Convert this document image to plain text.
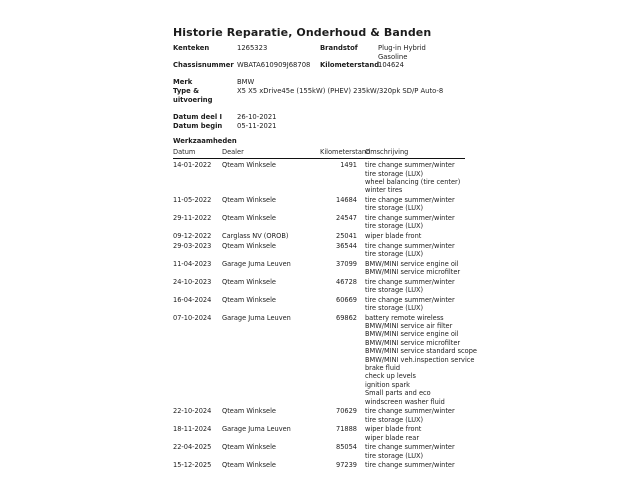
Historie Reparatie, Onderhoud & Banden
Kenteken	1265323	Brandstof	Plug-in Hybrid
Gasoline
Chassisnummer WBATA610909J68708	Kilometerstand
104624
Merk	BMW
Type & uitvoering
X5 X5 xDrive45e (155kW) (PHEV) 235kW/320pk SD/P Auto-8
Datum deel I	26-10-2021
Datum begin	05-11-2021
Werkzaamheden
Datum	Dealer	Kilometerstand
Omschrijving
14-01-2022	Qteam Winksele	1491 tire change summer/winter
tire storage (LUX)
wheel balancing (tire center)
winter tires
11-05-2022	Qteam Winksele	14684 tire change summer/winter
tire storage (LUX)
29-11-2022	Qteam Winksele	24547 tire change summer/winter
tire storage (LUX)
09-12-2022	Carglass NV (OROB)	25041 wiper blade front
29-03-2023	Qteam Winksele	36544 tire change summer/winter
tire storage (LUX)
11-04-2023	Garage Juma Leuven	37099 BMW/MINI service engine oil
BMW/MINI service microfilter
24-10-2023	Qteam Winksele	46728 tire change summer/winter
tire storage (LUX)
16-04-2024	Qteam Winksele	60669 tire change summer/winter
tire storage (LUX)
07-10-2024	Garage Juma Leuven	69862 battery remote wireless
BMW/MINI service air filter
BMW/MINI service engine oil
BMW/MINI service microfilter
BMW/MINI service standard scope
BMW/MINI veh.inspection service
brake fluid
check up levels
ignition spark
Small parts and eco
windscreen washer fluid
22-10-2024	Qteam Winksele	70629 tire change summer/winter
tire storage (LUX)
18-11-2024	Garage Juma Leuven	71888 wiper blade front
wiper blade rear
22-04-2025	Qteam Winksele	85054 tire change summer/winter
tire storage (LUX)
15-12-2025	Qteam Winksele	97239 tire change summer/winter
